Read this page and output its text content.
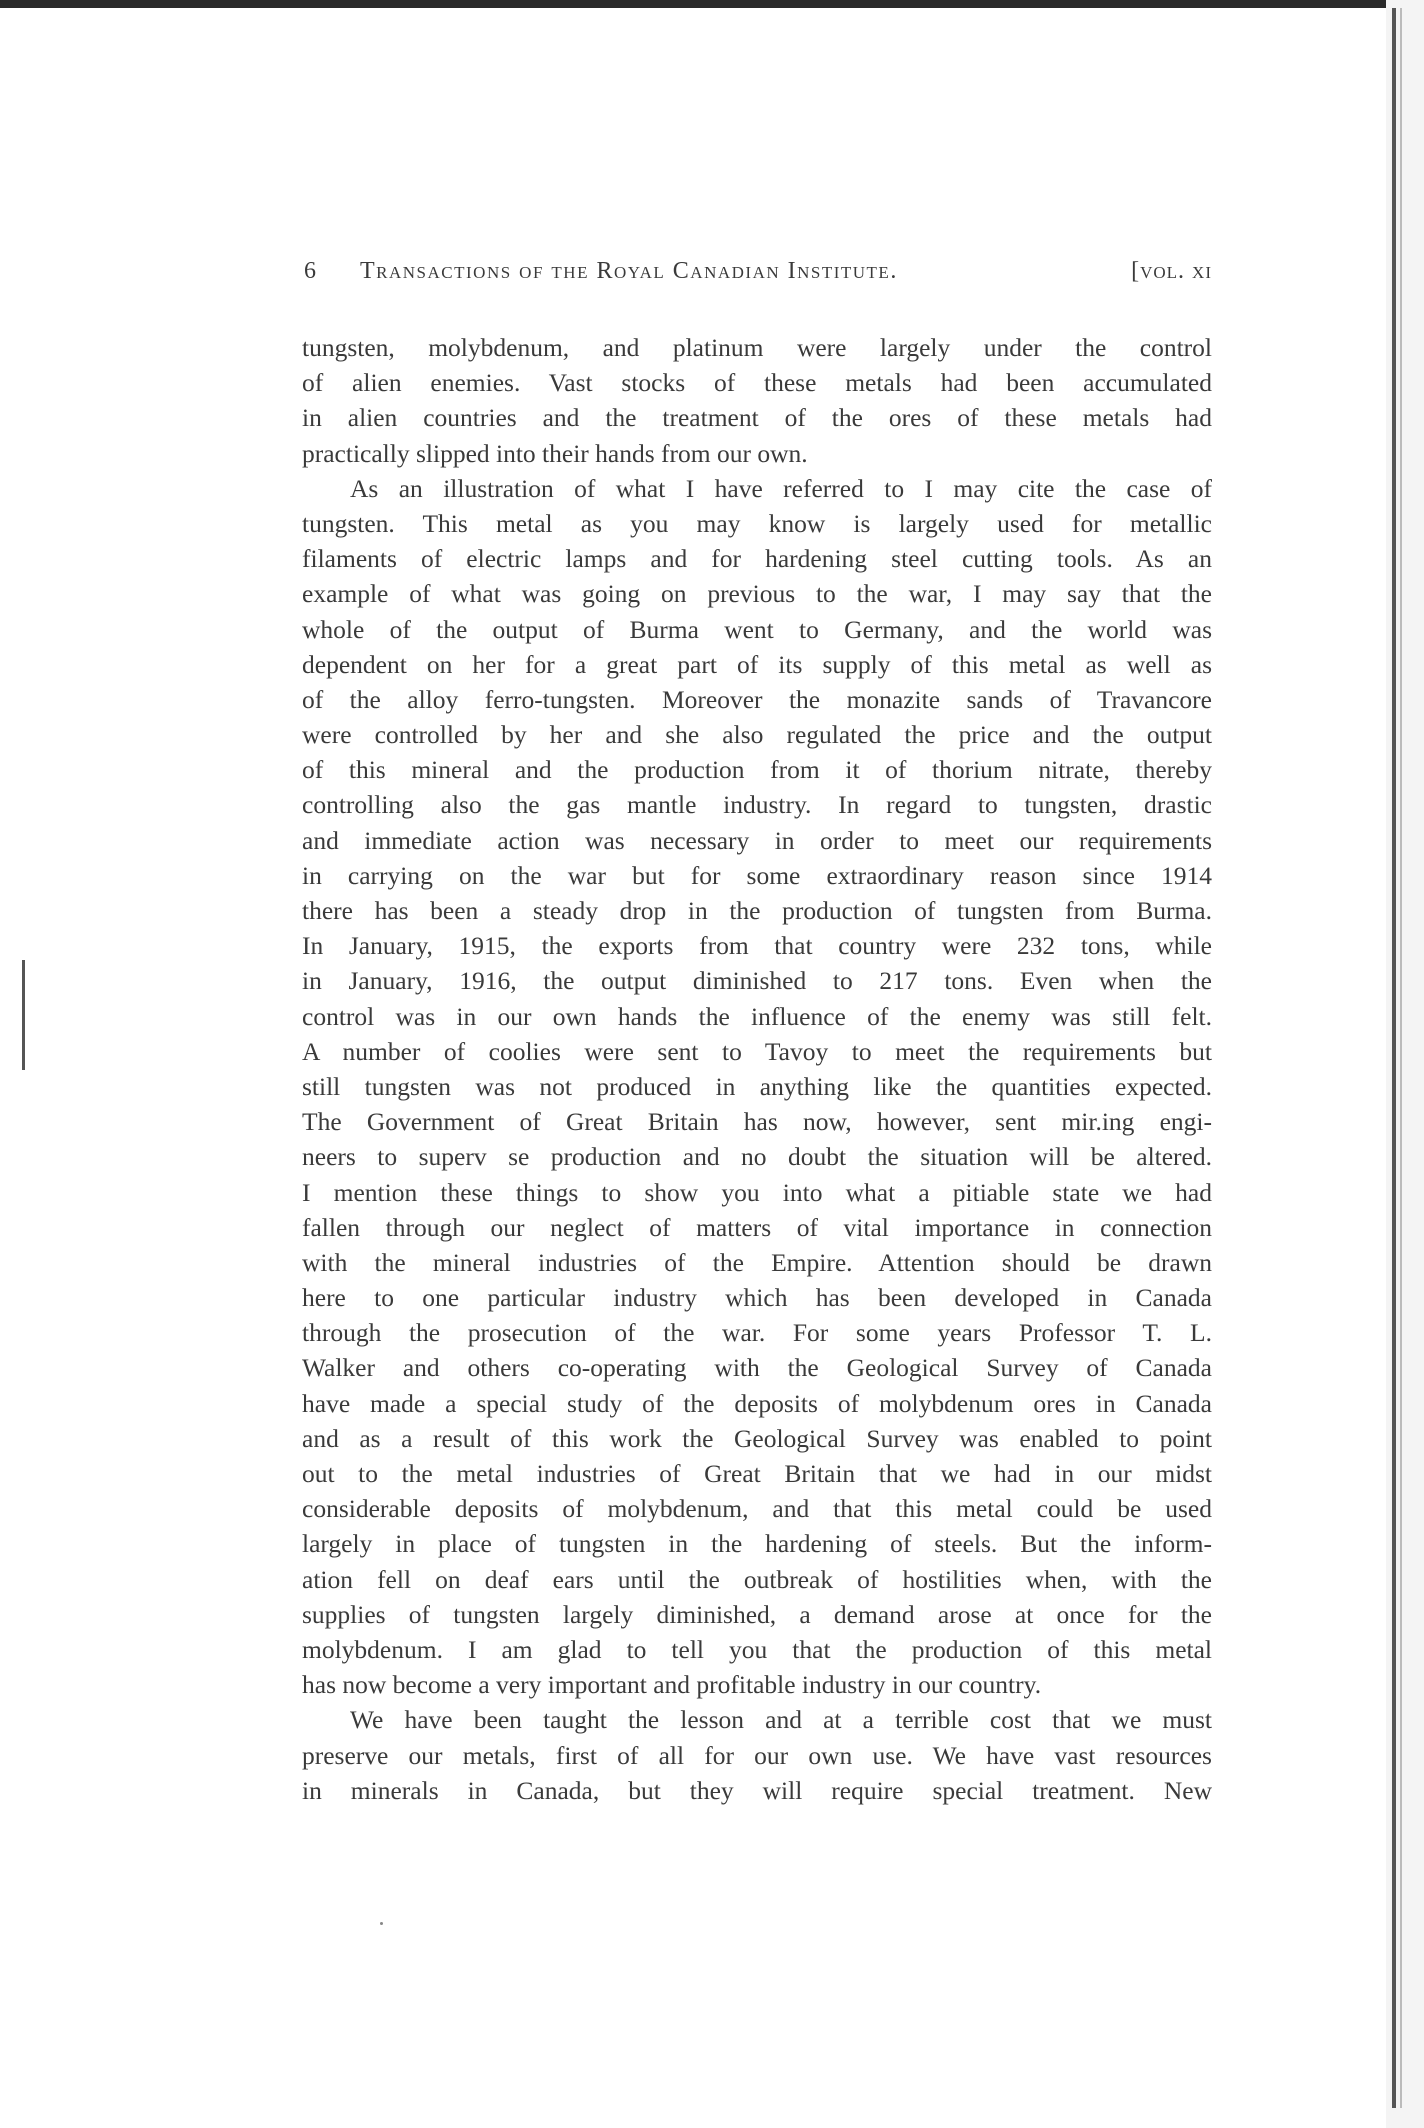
6	Transactions of the Royal Canadian Institute.	[vol. xi
tungsten, molybdenum, and platinum were largely under the control
of alien enemies. Vast stocks of these metals had been accumulated
in alien countries and the treatment of the ores of these metals had
practically slipped into their hands from our own.
As an illustration of what I have referred to I may cite the case of
tungsten. This metal as you may know is largely used for metallic
filaments of electric lamps and for hardening steel cutting tools. As an
example of what was going on previous to the war, I may say that the
whole of the output of Burma went to Germany, and the world was
dependent on her for a great part of its supply of this metal as well as
of the alloy ferro-tungsten. Moreover the monazite sands of Travancore
were controlled by her and she also regulated the price and the output
of this mineral and the production from it of thorium nitrate, thereby
controlling also the gas mantle industry. In regard to tungsten, drastic
and immediate action was necessary in order to meet our requirements
in carrying on the war but for some extraordinary reason since 1914
there has been a steady drop in the production of tungsten from Burma.
In January, 1915, the exports from that country were 232 tons, while
in January, 1916, the output diminished to 217 tons. Even when the
control was in our own hands the influence of the enemy was still felt.
A number of coolies were sent to Tavoy to meet the requirements but
still tungsten was not produced in anything like the quantities expected.
The Government of Great Britain has now, however, sent mir.ing engi-
neers to superv se production and no doubt the situation will be altered.
I mention these things to show you into what a pitiable state we had
fallen through our neglect of matters of vital importance in connection
with the mineral industries of the Empire. Attention should be drawn
here to one particular industry which has been developed in Canada
through the prosecution of the war. For some years Professor T. L.
Walker and others co-operating with the Geological Survey of Canada
have made a special study of the deposits of molybdenum ores in Canada
and as a result of this work the Geological Survey was enabled to point
out to the metal industries of Great Britain that we had in our midst
considerable deposits of molybdenum, and that this metal could be used
largely in place of tungsten in the hardening of steels. But the inform-
ation fell on deaf ears until the outbreak of hostilities when, with the
supplies of tungsten largely diminished, a demand arose at once for the
molybdenum. I am glad to tell you that the production of this metal
has now become a very important and profitable industry in our country.
We have been taught the lesson and at a terrible cost that we must
preserve our metals, first of all for our own use. We have vast resources
in minerals in Canada, but they will require special treatment. New
